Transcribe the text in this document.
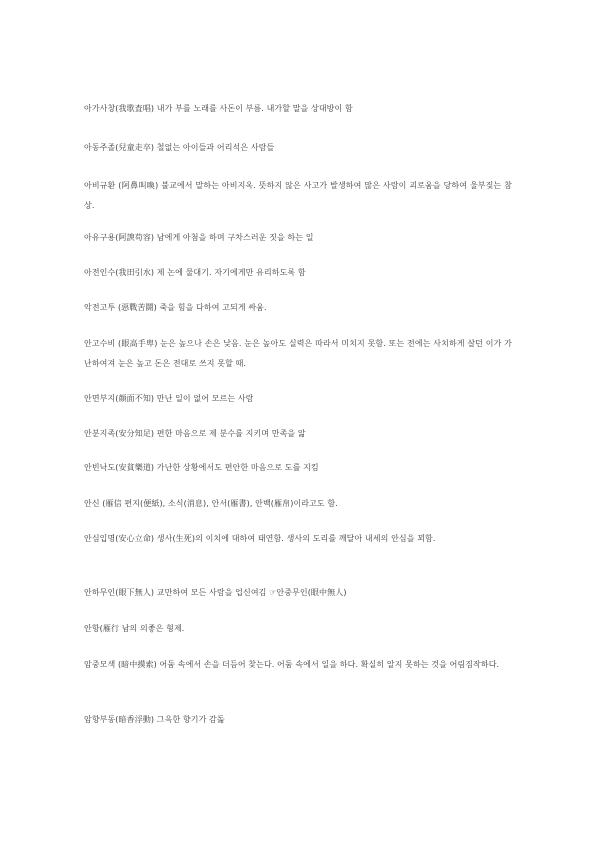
아가사창(我歌査唱) 내가 부를 노래를 사돈이 부름. 내가할 말을 상대방이 함
아동주졸(兒童走卒) 철없는 아이들과 어리석은 사람들
아비규환 (阿鼻叫喚) 불교에서 말하는 아비지옥. 뜻하지 않은 사고가 발생하여 많은 사람이 괴로움을 당하여 울부짖는 참상.
아유구용(阿諛苟容) 남에게 아첨을 하며 구차스러운 짓을 하는 일
아전인수(我田引水) 제 논에 물대기. 자기에게만 유리하도록 함
악전고투 (惡戰苦鬪) 죽을 힘을 다하여 고되게 싸움.
안고수비 (眼高手卑) 눈은 높으나 손은 낮음. 눈은 높아도 실력은 따라서 미치지 못함. 또는 전에는 사치하게 살던 이가 가난하여져 눈은 높고 돈은 전대로 쓰지 못할 때.
안면부지(顔面不知) 만난 일이 없어 모르는 사람
안분지족(安分知足) 편한 마음으로 제 분수를 지키며 만족을 앎
안빈낙도(安貧樂道) 가난한 상황에서도 편안한 마음으로 도를 지킴
안신 (雁信 편지(便紙), 소식(消息), 안서(雁書), 안백(雁帛)이라고도 함.
안심입명(安心立命) 생사(生死)의 이치에 대하여 태연함. 생사의 도리를 깨달아 내세의 안심을 꾀함.
안하무인(眼下無人) 교만하여 모든 사람을 업신여김 ☞안중무인(眼中無人)
안항(雁行 남의 의좋은 형제.
암중모색 (暗中摸索) 어둠 속에서 손을 더듬어 찾는다. 어둠 속에서 일을 하다. 확실히 알지 못하는 것을 어림짐작하다.
암향부동(暗香浮動) 그윽한 향기가 감돎
